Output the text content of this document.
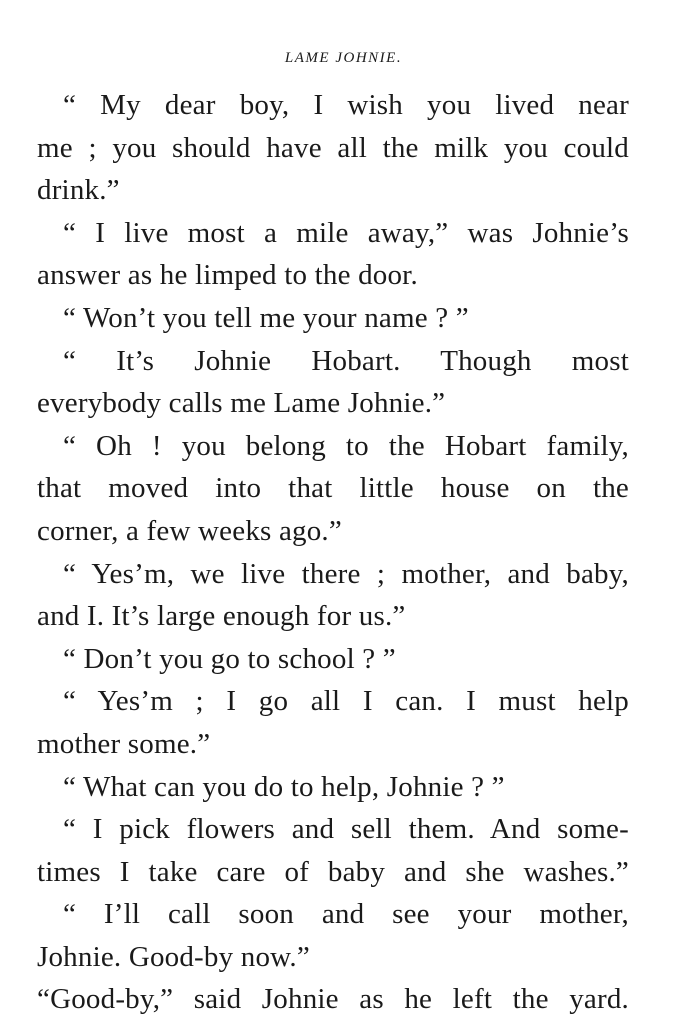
LAME JOHNIE.
“ My dear boy, I wish you lived near
me ; you should have all the milk you could
drink.”
“ I live most a mile away,” was Johnie’s
answer as he limped to the door.
“ Won’t you tell me your name ? ”
“ It’s Johnie Hobart. Though most
everybody calls me Lame Johnie.”
“ Oh ! you belong to the Hobart family,
that moved into that little house on the
corner, a few weeks ago.”
“ Yes’m, we live there ; mother, and baby,
and I. It’s large enough for us.”
“ Don’t you go to school ? ”
“ Yes’m ; I go all I can. I must help
mother some.”
“ What can you do to help, Johnie ? ”
“ I pick flowers and sell them. And some-
times I take care of baby and she washes.”
“ I’ll call soon and see your mother,
Johnie. Good-by now.”
“Good-by,” said Johnie as he left the yard.
